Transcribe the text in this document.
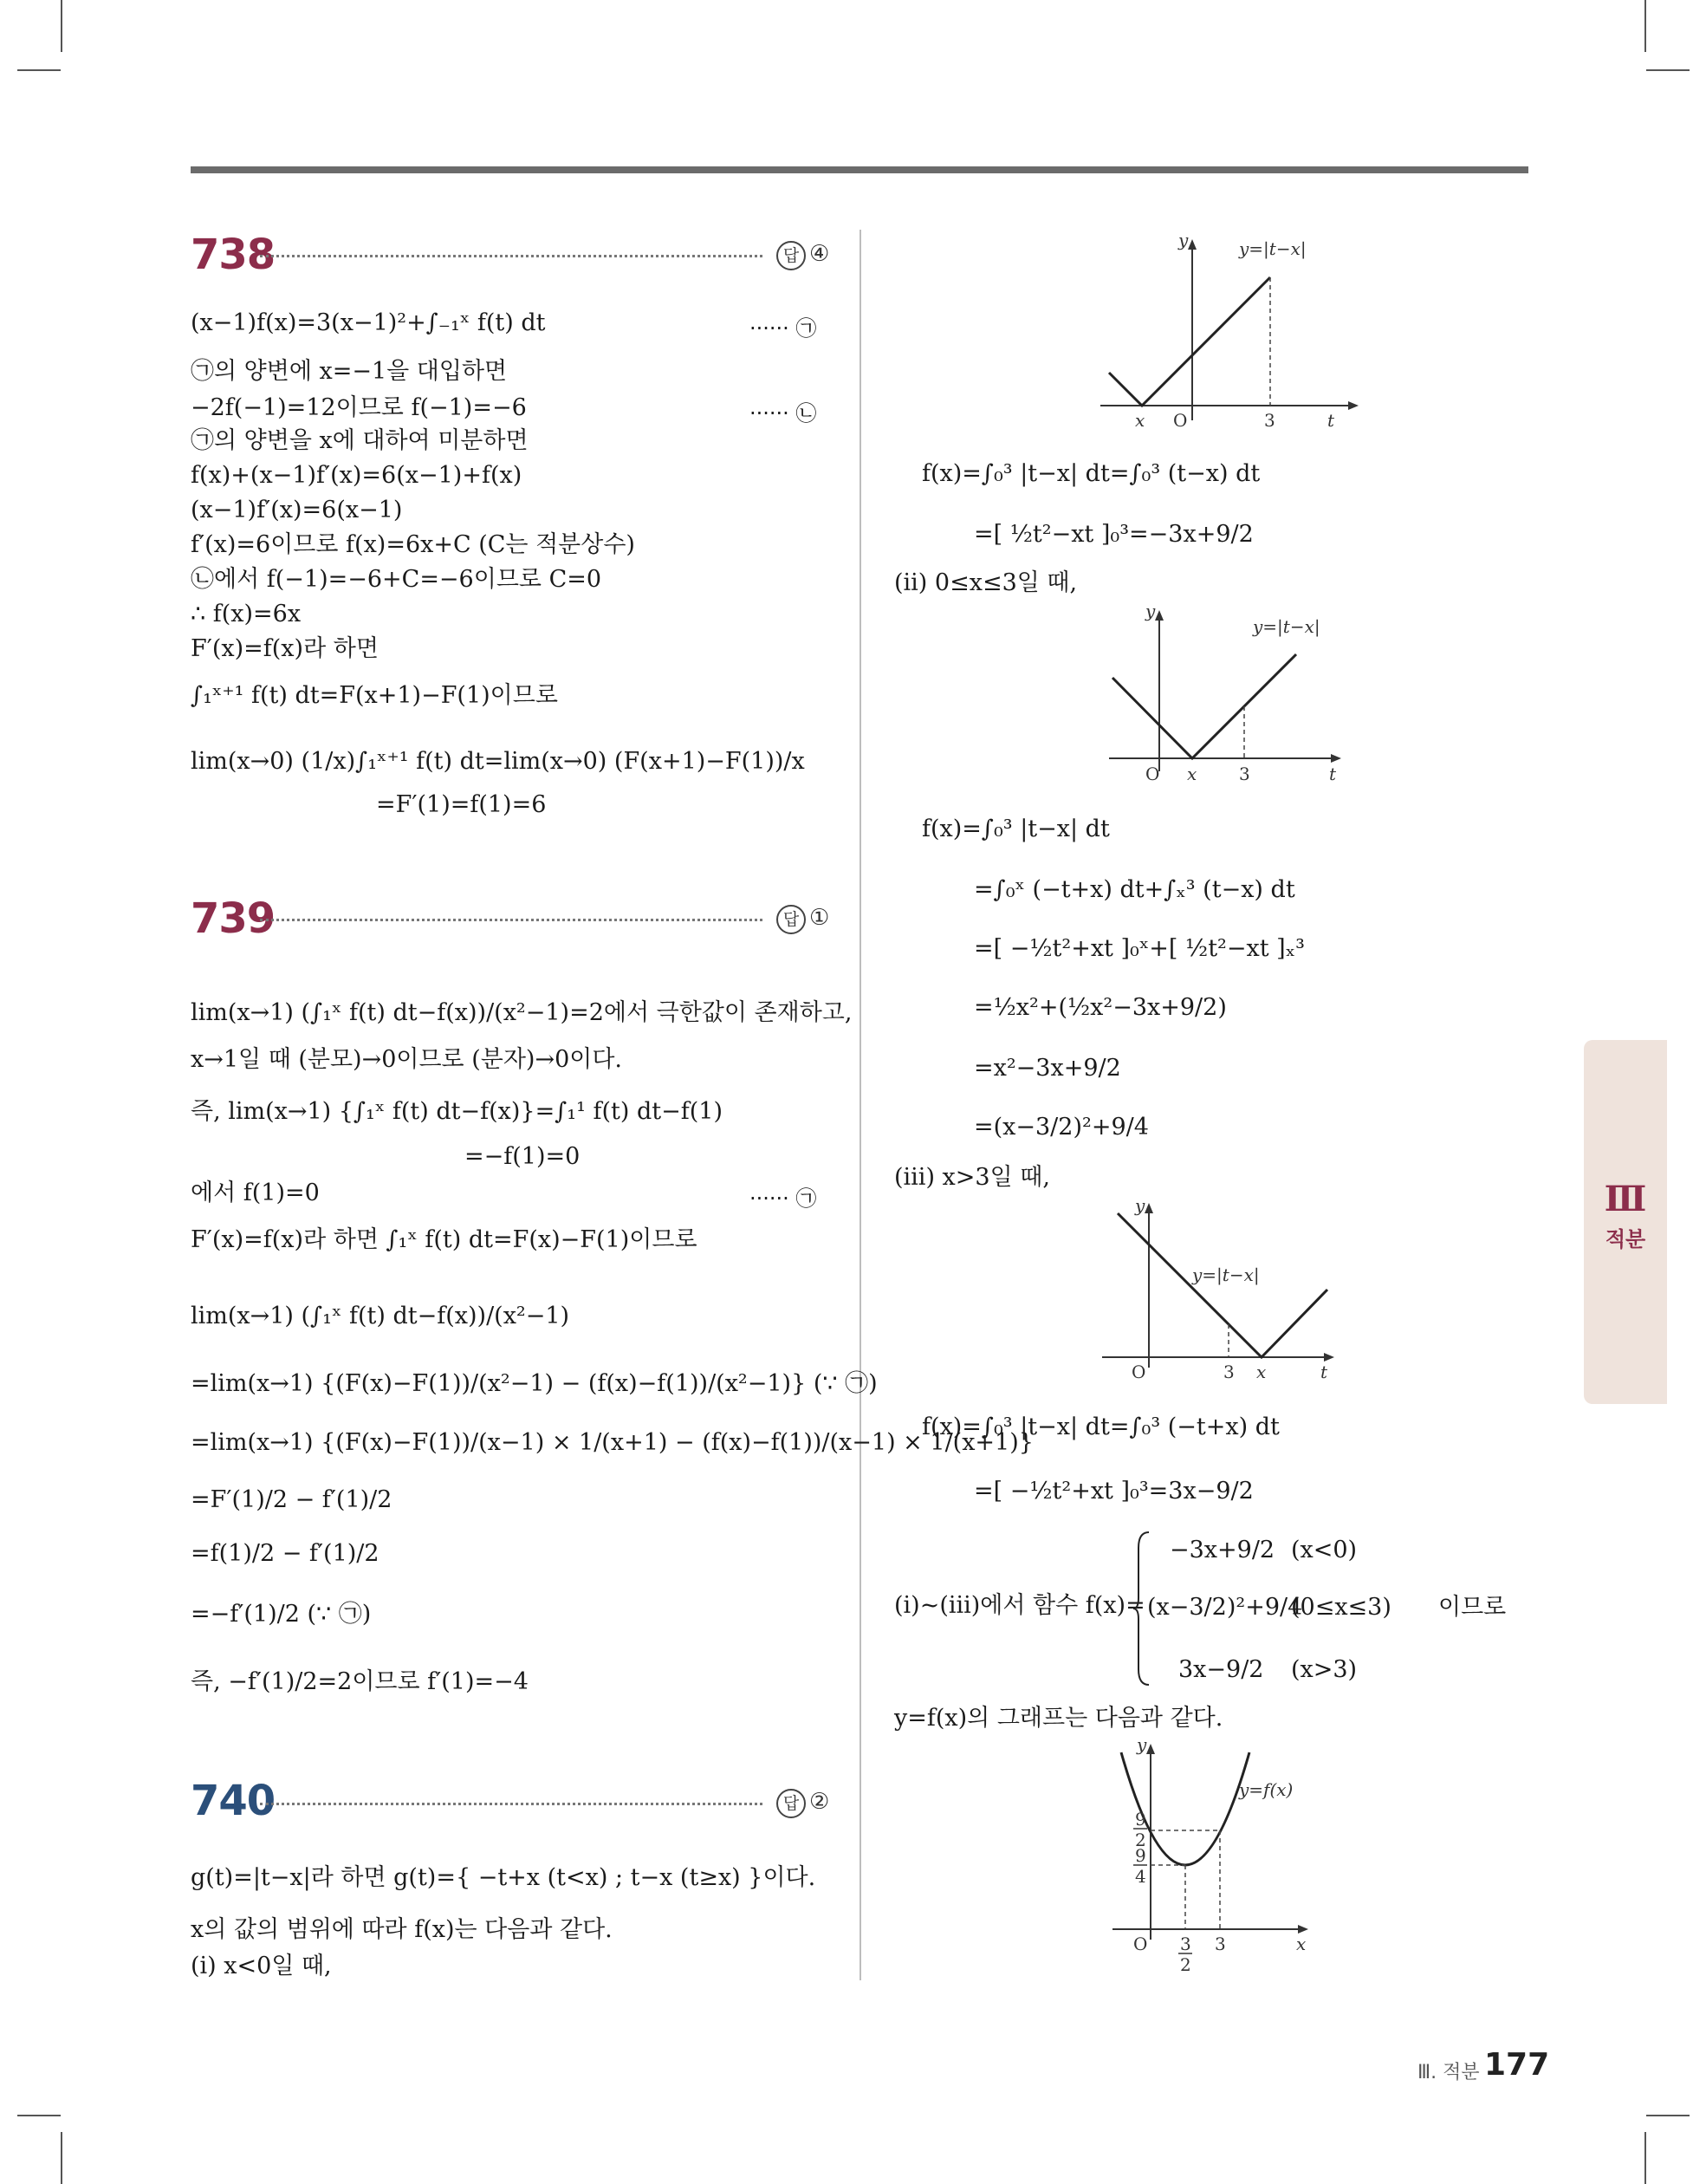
738	답 ④
(x−1)f(x)=3(x−1)²+∫₋₁ˣ f(t) dt	······ ㉠
㉠의 양변에 x=−1을 대입하면
−2f(−1)=12이므로 f(−1)=−6	······ ㉡
㉠의 양변을 x에 대하여 미분하면
f(x)+(x−1)f′(x)=6(x−1)+f(x)
(x−1)f′(x)=6(x−1)
f′(x)=6이므로 f(x)=6x+C (C는 적분상수)
㉡에서 f(−1)=−6+C=−6이므로 C=0
∴ f(x)=6x
F′(x)=f(x)라 하면
∫₁ˣ⁺¹ f(t) dt=F(x+1)−F(1)이므로
lim(x→0) (1/x)∫₁ˣ⁺¹ f(t) dt=lim(x→0) (F(x+1)−F(1))/x
=F′(1)=f(1)=6
739	답 ①
lim(x→1) (∫₁ˣ f(t) dt−f(x))/(x²−1)=2에서 극한값이 존재하고,
x→1일 때 (분모)→0이므로 (분자)→0이다.
즉, lim(x→1) {∫₁ˣ f(t) dt−f(x)}=∫₁¹ f(t) dt−f(1)
=−f(1)=0
에서 f(1)=0	······ ㉠
F′(x)=f(x)라 하면 ∫₁ˣ f(t) dt=F(x)−F(1)이므로
lim(x→1) (∫₁ˣ f(t) dt−f(x))/(x²−1)
=lim(x→1) {(F(x)−F(1))/(x²−1) − (f(x)−f(1))/(x²−1)} (∵ ㉠)
=lim(x→1) {(F(x)−F(1))/(x−1) × 1/(x+1) − (f(x)−f(1))/(x−1) × 1/(x+1)}
=F′(1)/2 − f′(1)/2
=f(1)/2 − f′(1)/2
=−f′(1)/2 (∵ ㉠)
즉, −f′(1)/2=2이므로 f′(1)=−4
740	답 ②
g(t)=|t−x|라 하면 g(t)={ −t+x (t<x) ; t−x (t≥x) }이다.
x의 값의 범위에 따라 f(x)는 다음과 같다.
(ⅰ) x<0일 때,
y
x O	3	t
y=|t−x|
f(x)=∫₀³ |t−x| dt=∫₀³ (t−x) dt
=[ ½t²−xt ]₀³=−3x+9/2
(ⅱ) 0≤x≤3일 때,
y
O x 3	t
y=|t−x|
f(x)=∫₀³ |t−x| dt
=∫₀ˣ (−t+x) dt+∫ₓ³ (t−x) dt
=[ −½t²+xt ]₀ˣ+[ ½t²−xt ]ₓ³
=½x²+(½x²−3x+9/2)
=x²−3x+9/2
=(x−3/2)²+9/4
(ⅲ) x>3일 때,
y
O	3 x	t
y=|t−x|
f(x)=∫₀³ |t−x| dt=∫₀³ (−t+x) dt
=[ −½t²+xt ]₀³=3x−9/2
(ⅰ)~(ⅲ)에서 함수 f(x)=
−3x+9/2 (x<0)
(x−3/2)²+9/4
(0≤x≤3) 이므로
3x−9/2 (x>3)
y=f(x)의 그래프는 다음과 같다.
y
O
9
2
9
4
3
2
3	x
y=f(x)
Ⅲ
적분
Ⅲ. 적분 177
